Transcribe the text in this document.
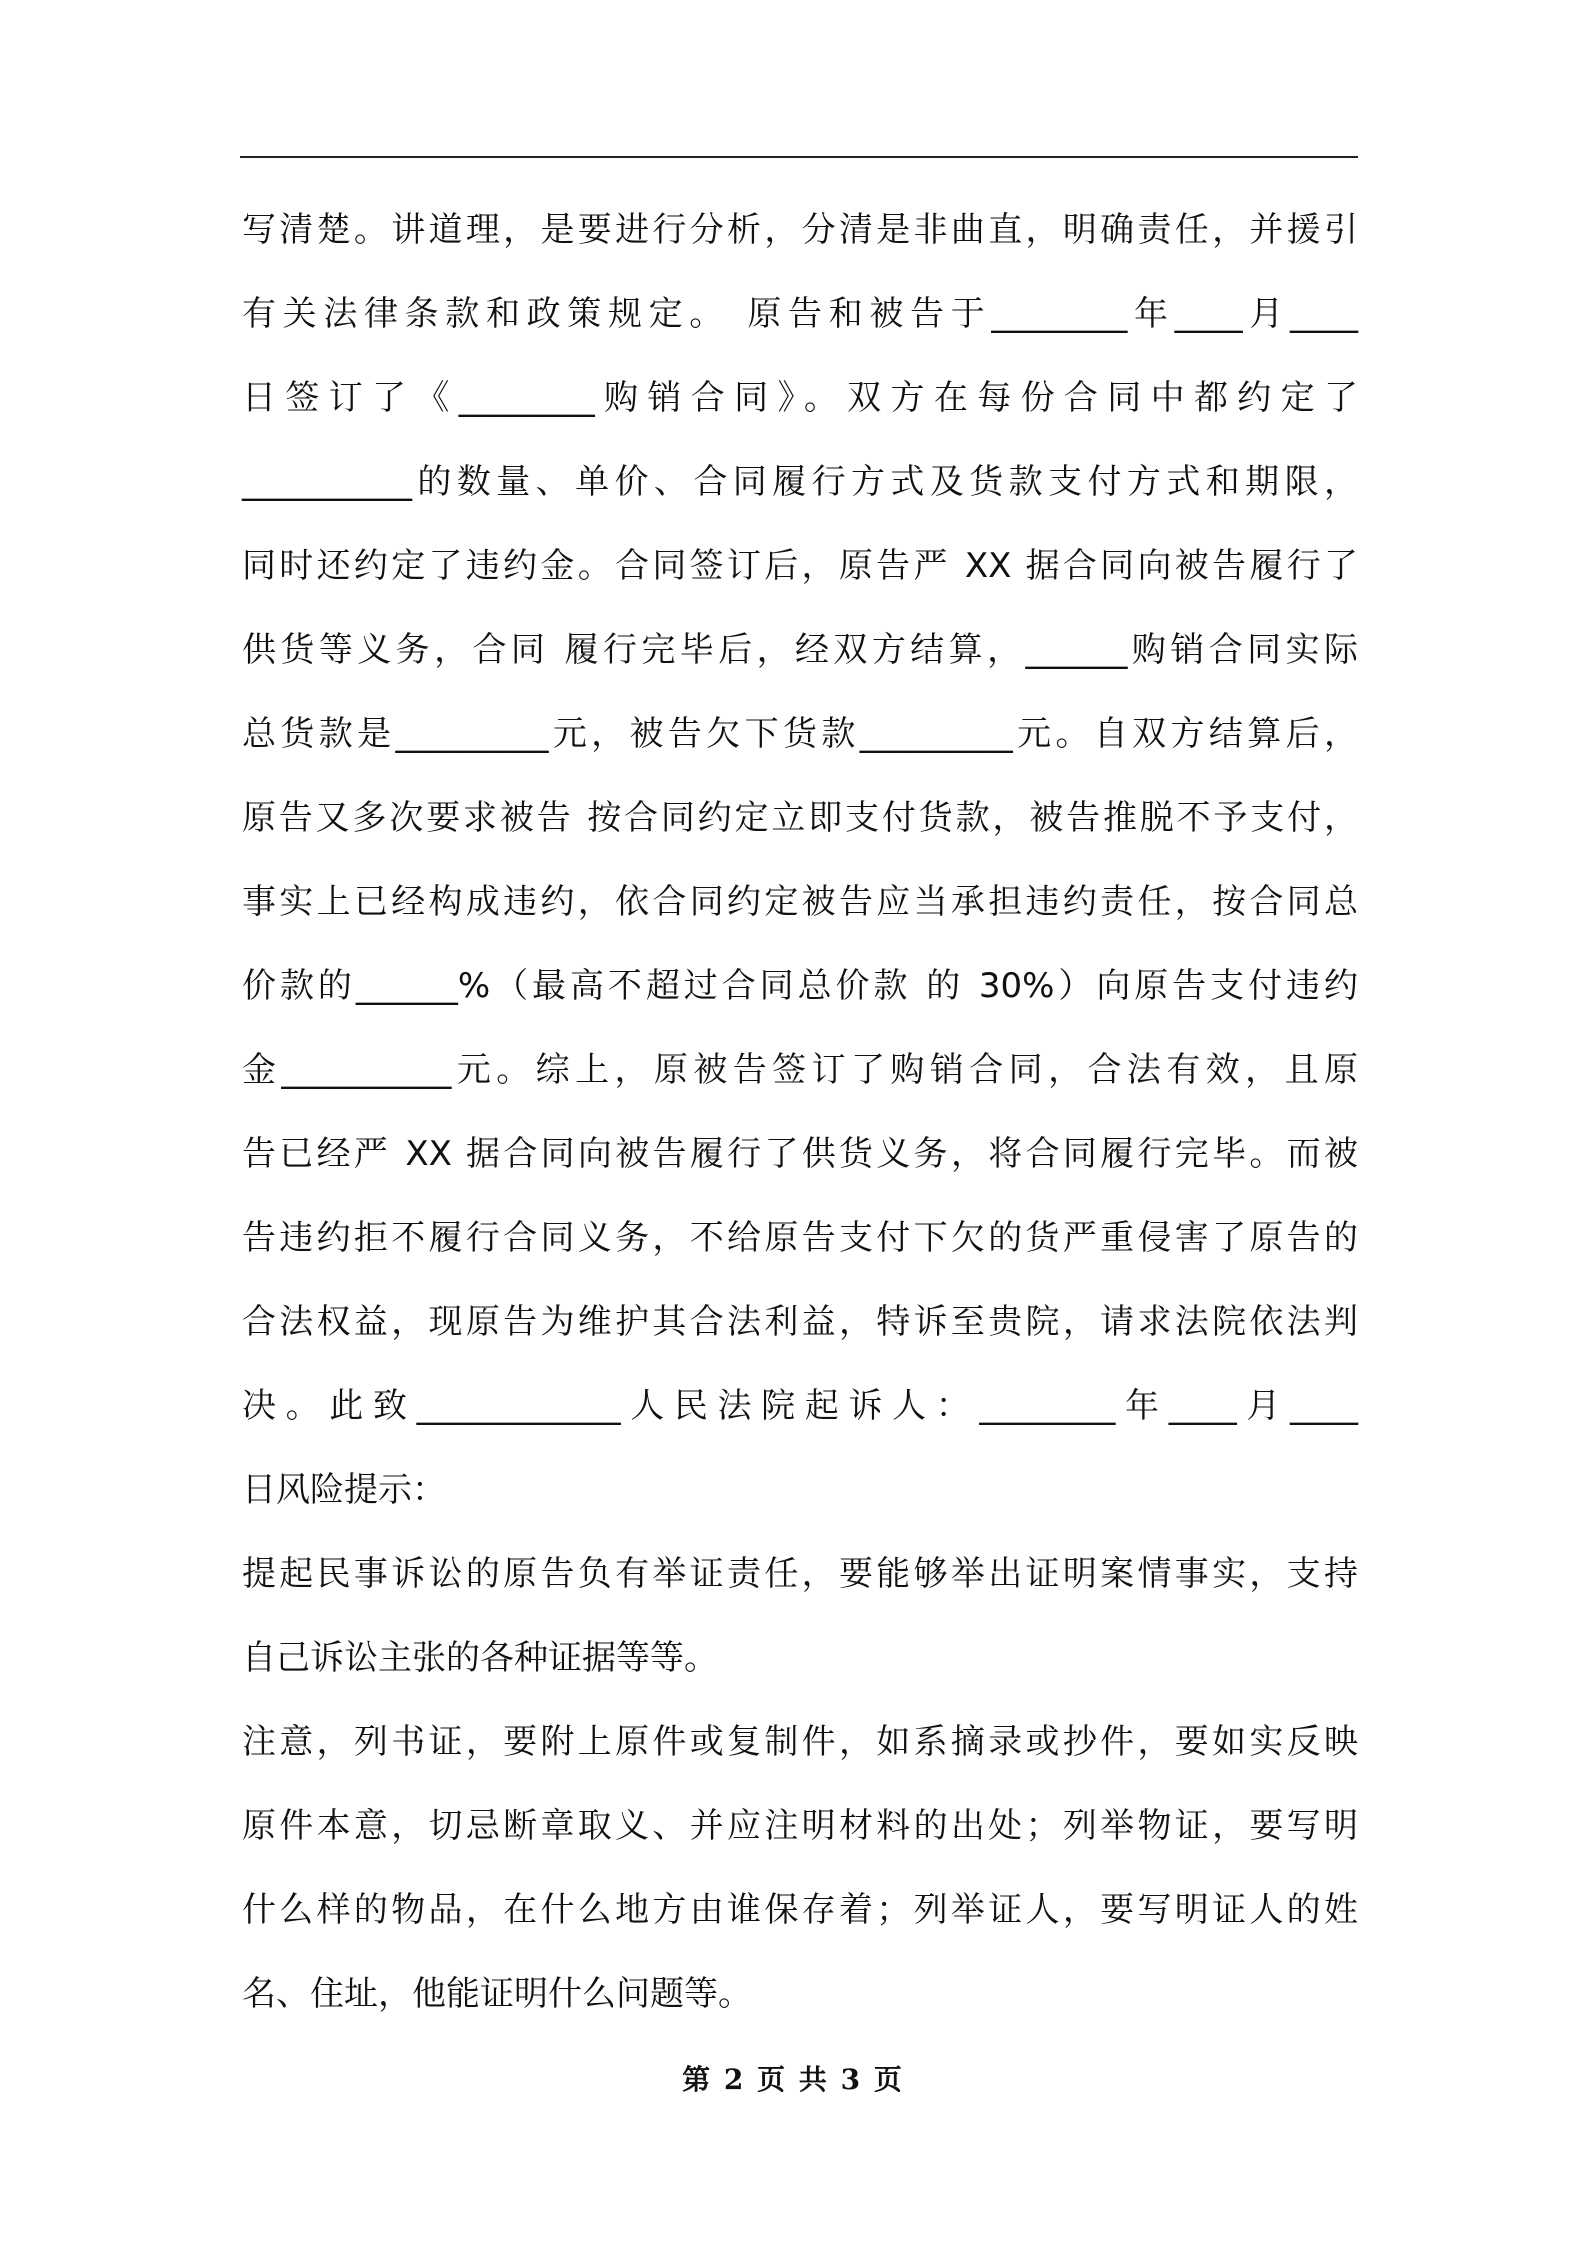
写清楚。讲道理，是要进行分析，分清是非曲直，明确责任，并援引
有关法律条款和政策规定。 原告和被告于________年____月____
日签订了《________购销合同》。双方在每份合同中都约定了
__________的数量、单价、合同履行方式及货款支付方式和期限，
同时还约定了违约金。合同签订后，原告严 XX 据合同向被告履行了
供货等义务，合同 履行完毕后，经双方结算，______购销合同实际
总货款是_________元，被告欠下货款_________元。自双方结算后，
原告又多次要求被告 按合同约定立即支付货款，被告推脱不予支付，
事实上已经构成违约，依合同约定被告应当承担违约责任，按合同总
价款的______%（最高不超过合同总价款 的 30%）向原告支付违约
金__________元。综上，原被告签订了购销合同，合法有效，且原
告已经严 XX 据合同向被告履行了供货义务，将合同履行完毕。而被
告违约拒不履行合同义务，不给原告支付下欠的货严重侵害了原告的
合法权益，现原告为维护其合法利益，特诉至贵院，请求法院依法判
决。此致____________人民法院起诉人：________年____月____
日风险提示：
提起民事诉讼的原告负有举证责任，要能够举出证明案情事实，支持
自己诉讼主张的各种证据等等。
注意，列书证，要附上原件或复制件，如系摘录或抄件，要如实反映
原件本意，切忌断章取义、并应注明材料的出处；列举物证，要写明
什么样的物品，在什么地方由谁保存着；列举证人，要写明证人的姓
名、住址，他能证明什么问题等。
第 2 页 共 3 页
